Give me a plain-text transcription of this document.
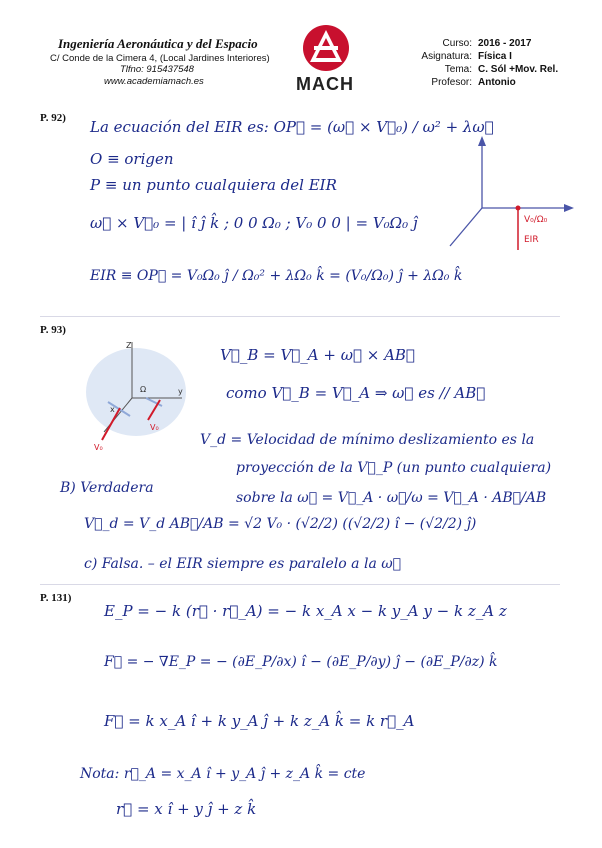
Ingeniería Aeronáutica y del Espacio
C/ Conde de la Cimera 4, (Local Jardines Interiores)
Tlfno: 915437548
www.academiamach.es	MACH
Curso: 2016 - 2017
Asignatura: Física I
Tema: C. Sól +Mov. Rel.
Profesor: Antonio
P. 92) La ecuación del EIR es: OP⃗ = (ω⃗ × V⃗₀) / ω² + λω⃗
O ≡ origen
P ≡ un punto cualquiera del EIR
ω⃗ × V⃗₀ = | î ĵ k̂ ; 0 0 Ω₀ ; V₀ 0 0 | = V₀Ω₀ ĵ
EIR ≡ OP⃗ = V₀Ω₀ ĵ / Ω₀² + λΩ₀ k̂ = (V₀/Ω₀) ĵ + λΩ₀ k̂
V₀/Ω₀
EIR
P. 93)
Z
y
x
Ω
V₀
V₀
V⃗_B = V⃗_A + ω⃗ × AB⃗
como V⃗_B = V⃗_A ⇒ ω⃗ es // AB⃗
V_d = Velocidad de mínimo deslizamiento es la
proyección de la V⃗_P (un punto cualquiera)
sobre la ω⃗ = V⃗_A · ω⃗/ω = V⃗_A · AB⃗/AB
B) Verdadera
V⃗_d = V_d AB⃗/AB = √2 V₀ · (√2/2) ((√2/2) î − (√2/2) ĵ)
c) Falsa. – el EIR siempre es paralelo a la ω⃗
P. 131)
E_P = − k (r⃗ · r⃗_A) = − k x_A x − k y_A y − k z_A z
F⃗ = − ∇E_P = − (∂E_P/∂x) î − (∂E_P/∂y) ĵ − (∂E_P/∂z) k̂
F⃗ = k x_A î + k y_A ĵ + k z_A k̂ = k r⃗_A
Nota: r⃗_A = x_A î + y_A ĵ + z_A k̂ = cte
r⃗ = x î + y ĵ + z k̂
